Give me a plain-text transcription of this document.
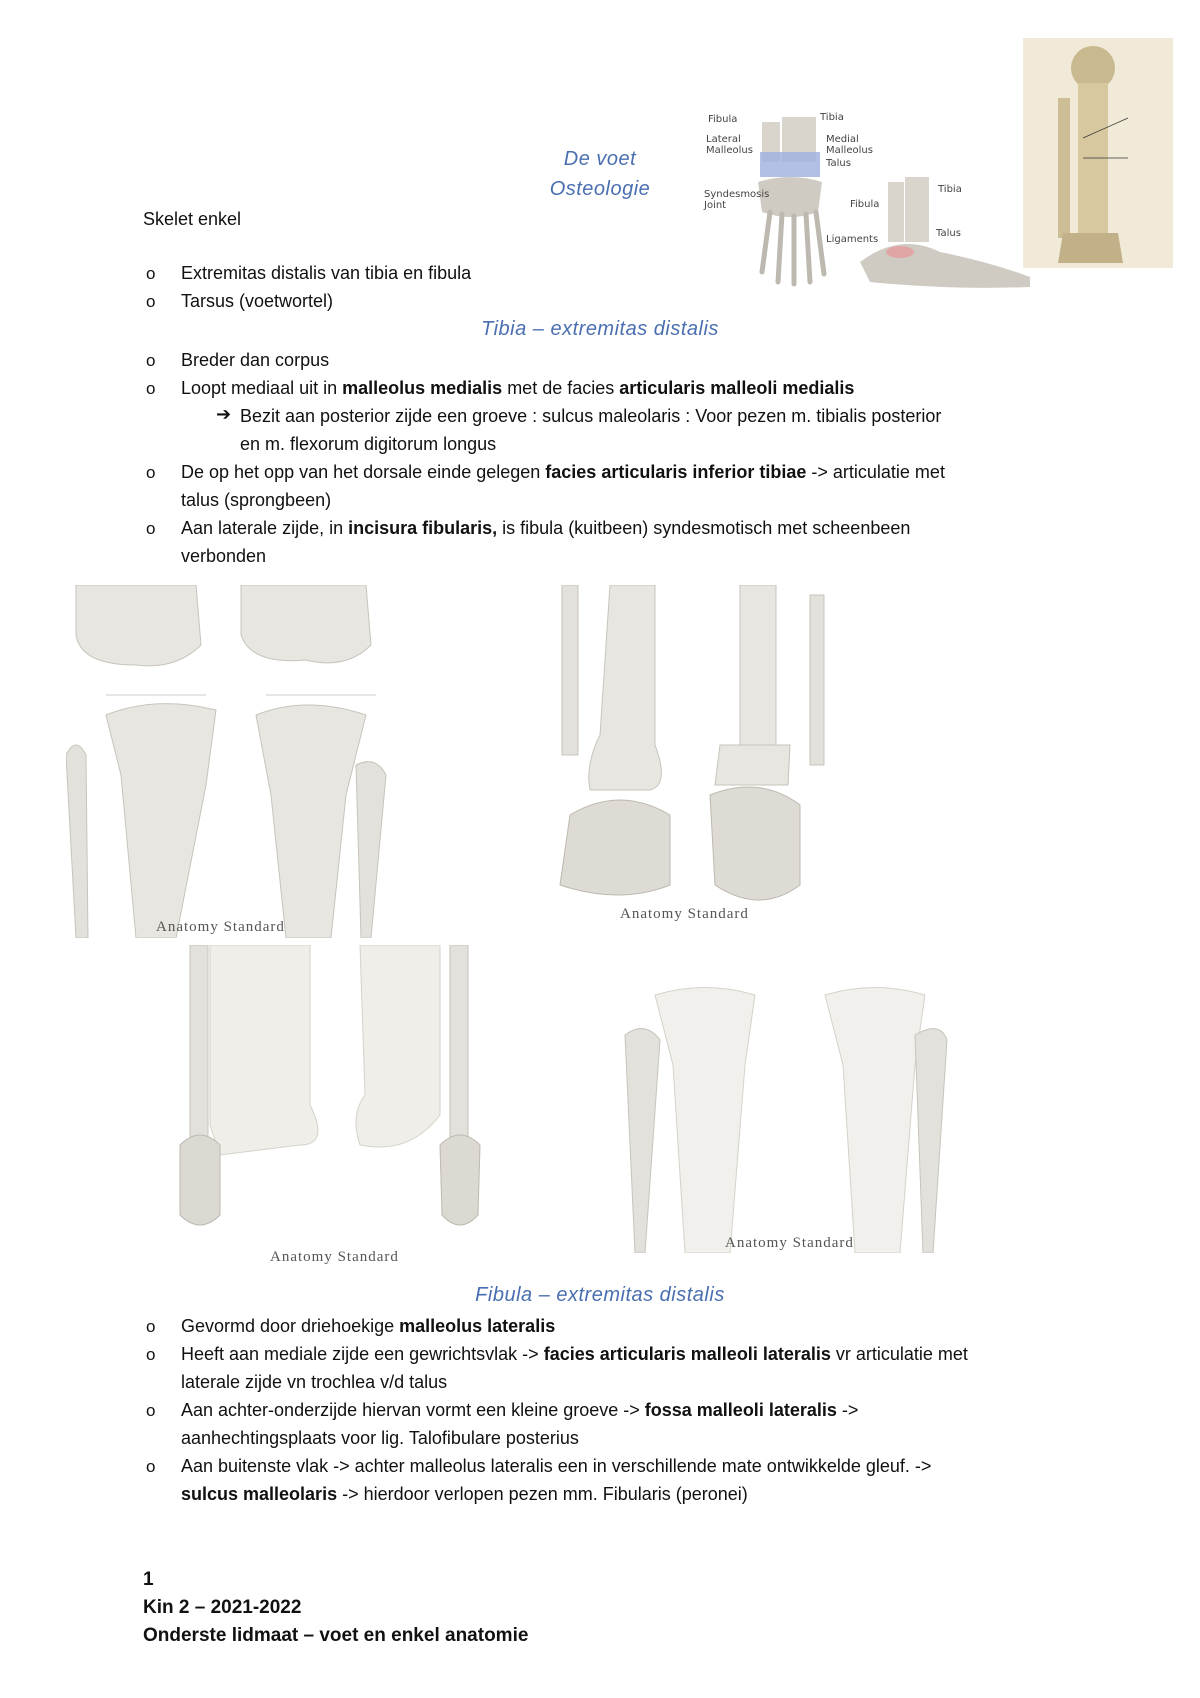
De voet
Osteologie
Skelet enkel
o Extremitas distalis van tibia en fibula
o Tarsus (voetwortel)
Fibula	Tibia
Lateral
Malleolus
Medial
Malleolus
Talus
Syndesmosis
Joint	Fibula
Tibia
Ligaments
Talus
Tibia – extremitas distalis
o Breder dan corpus
o Loopt mediaal uit in malleolus medialis met de facies articularis malleoli medialis
➔ Bezit aan posterior zijde een groeve : sulcus maleolaris : Voor pezen m. tibialis posterior
en m. flexorum digitorum longus
o De op het opp van het dorsale einde gelegen facies articularis inferior tibiae -> articulatie met
talus (sprongbeen)
o Aan laterale zijde, in incisura fibularis, is fibula (kuitbeen) syndesmotisch met scheenbeen
verbonden
Anatomy Standard
Anatomy Standard
Anatomy Standard
Anatomy Standard
Fibula – extremitas distalis
o Gevormd door driehoekige malleolus lateralis
o Heeft aan mediale zijde een gewrichtsvlak -> facies articularis malleoli lateralis vr articulatie met
laterale zijde vn trochlea v/d talus
o Aan achter-onderzijde hiervan vormt een kleine groeve -> fossa malleoli lateralis ->
aanhechtingsplaats voor lig. Talofibulare posterius
o Aan buitenste vlak -> achter malleolus lateralis een in verschillende mate ontwikkelde gleuf. ->
sulcus malleolaris -> hierdoor verlopen pezen mm. Fibularis (peronei)
1
Kin 2 – 2021-2022
Onderste lidmaat – voet en enkel anatomie
